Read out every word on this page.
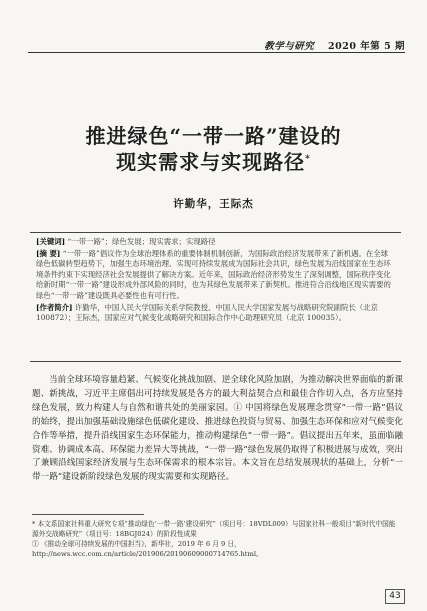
教学与研究 2020 年第 5 期
推进绿色“一带一路”建设的
现实需求与实现路径*
许勤华，王际杰
[关键词] “一带一路”；绿色发展；现实需求；实现路径
[摘 要] “一带一路”倡议作为全球治理体系的重要体制机制创新，为国际政治经济发展带来了新机遇。在全球绿色低碳转型趋势下，加强生态环境治理、实现可持续发展成为国际社会共识，绿色发展为沿线国家在生态环境条件约束下实现经济社会发展提供了解决方案。近年来，国际政治经济形势发生了深刻调整，国际秩序变化给新时期“一带一路”建设形成外部风险的同时，也为其绿色发展带来了新契机。推进符合沿线地区现实需要的绿色“一带一路”建设既具必要性也有可行性。
[作者简介] 许勤华，中国人民大学国际关系学院教授、中国人民大学国家发展与战略研究院副院长（北京 100872）；王际杰，国家应对气候变化战略研究和国际合作中心助理研究员（北京 100035）。
当前全球环境容量趋紧、气候变化挑战加剧、逆全球化风险加剧，为推动解决世界面临的新课题、新挑战，习近平主席倡出可持续发展是各方的最大利益契合点和最佳合作切入点，各方应坚持绿色发展，致力构建人与自然和谐共处的美丽家园。① 中国将绿色发展理念贯穿“一带一路”倡议的始终，提出加强基础设施绿色低碳化建设、推进绿色投资与贸易、加强生态环保和应对气候变化合作等举措，提升沿线国家生态环保能力，推动构建绿色“一带一路”。倡议提出五年来，虽面临融资难、协调成本高、环保能力差异大等挑战，“一带一路”绿色发展仍取得了积极进展与成效，突出了兼顾沿线国家经济发展与生态环保需求的根本宗旨。本文旨在总结发展现状的基础上，分析“一带一路”建设新阶段绿色发展的现实需要和实现路径。

* 本文系国家社科重大研究专项“推动绿色‘一带一路’建设研究”（项目号：18VDL009）与国家社科一般项目“新时代中国能源外交战略研究”（项目号：18BGJ024）的阶段性成果

① 《推动全球可持续发展的中国担当》，新华社，2019 年 6 月 9 日，http://news.wcc.com.cn/article/201906/20190609000714765.html。

43
